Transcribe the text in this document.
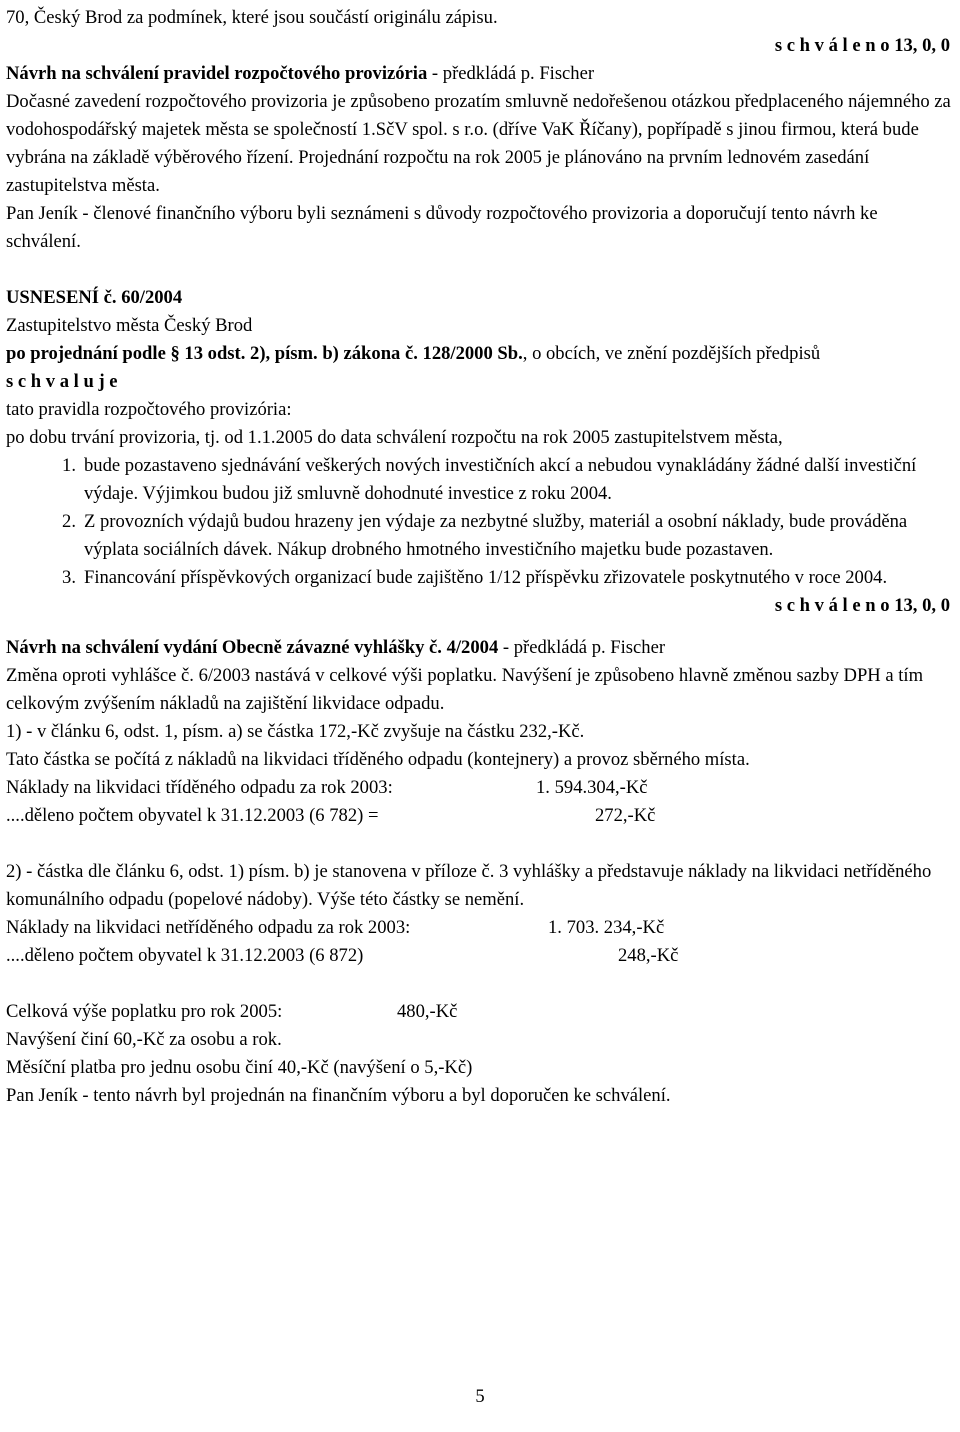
70, Český Brod za podmínek, které jsou součástí originálu zápisu.
s c h v á l e n o 13, 0, 0
Návrh na schválení pravidel rozpočtového provizória - předkládá p. Fischer
Dočasné zavedení rozpočtového provizoria je způsobeno prozatím smluvně nedořešenou otázkou předplaceného nájemného za vodohospodářský majetek města se společností 1.SčV spol. s r.o. (dříve VaK Říčany), popřípadě s jinou firmou, která bude vybrána na základě výběrového řízení. Projednání rozpočtu na rok 2005 je plánováno na prvním lednovém zasedání zastupitelstva města.
Pan Jeník - členové finančního výboru byli seznámeni s důvody rozpočtového provizoria a doporučují tento návrh ke schválení.
USNESENÍ č. 60/2004
Zastupitelstvo města Český Brod
po projednání podle § 13 odst. 2), písm. b) zákona č. 128/2000 Sb., o obcích, ve znění pozdějších předpisů
s c h v a l u j e
tato pravidla rozpočtového provizória:
po dobu trvání provizoria, tj. od 1.1.2005 do data schválení rozpočtu na rok 2005 zastupitelstvem města,
1. bude pozastaveno sjednávání veškerých nových investičních akcí a nebudou vynakládány žádné další investiční výdaje. Výjimkou budou již smluvně dohodnuté investice z roku 2004.
2. Z provozních výdajů budou hrazeny jen výdaje za nezbytné služby, materiál a osobní náklady, bude prováděna výplata sociálních dávek. Nákup drobného hmotného investičního majetku bude pozastaven.
3. Financování příspěvkových organizací bude zajištěno 1/12 příspěvku zřizovatele poskytnutého v roce 2004.
s c h v á l e n o 13, 0, 0
Návrh na schválení vydání Obecně závazné vyhlášky č. 4/2004 - předkládá p. Fischer
Změna oproti vyhlášce č. 6/2003 nastává v celkové výši poplatku. Navýšení je způsobeno hlavně změnou sazby DPH a tím celkovým zvýšením nákladů na zajištění likvidace odpadu.
1) - v článku 6, odst. 1, písm. a) se částka 172,-Kč zvyšuje na částku 232,-Kč.
Tato částka se počítá z nákladů na likvidaci tříděného odpadu (kontejnery) a provoz sběrného místa.
Náklady na likvidaci tříděného odpadu za rok 2003:	1. 594.304,-Kč
....děleno počtem obyvatel k 31.12.2003 (6 782) =	272,-Kč
2) - částka dle článku 6, odst. 1) písm. b) je stanovena v příloze č. 3 vyhlášky a představuje náklady na likvidaci netříděného komunálního odpadu (popelové nádoby). Výše této částky se nemění.
Náklady na likvidaci netříděného odpadu za rok 2003:	1. 703. 234,-Kč
....děleno počtem obyvatel k 31.12.2003 (6 872)	248,-Kč
Celková výše poplatku pro rok 2005:	480,-Kč
Navýšení činí 60,-Kč za osobu a rok.
Měsíční platba pro jednu osobu činí 40,-Kč (navýšení o 5,-Kč)
Pan Jeník - tento návrh byl projednán na finančním výboru a byl doporučen ke schválení.
5
